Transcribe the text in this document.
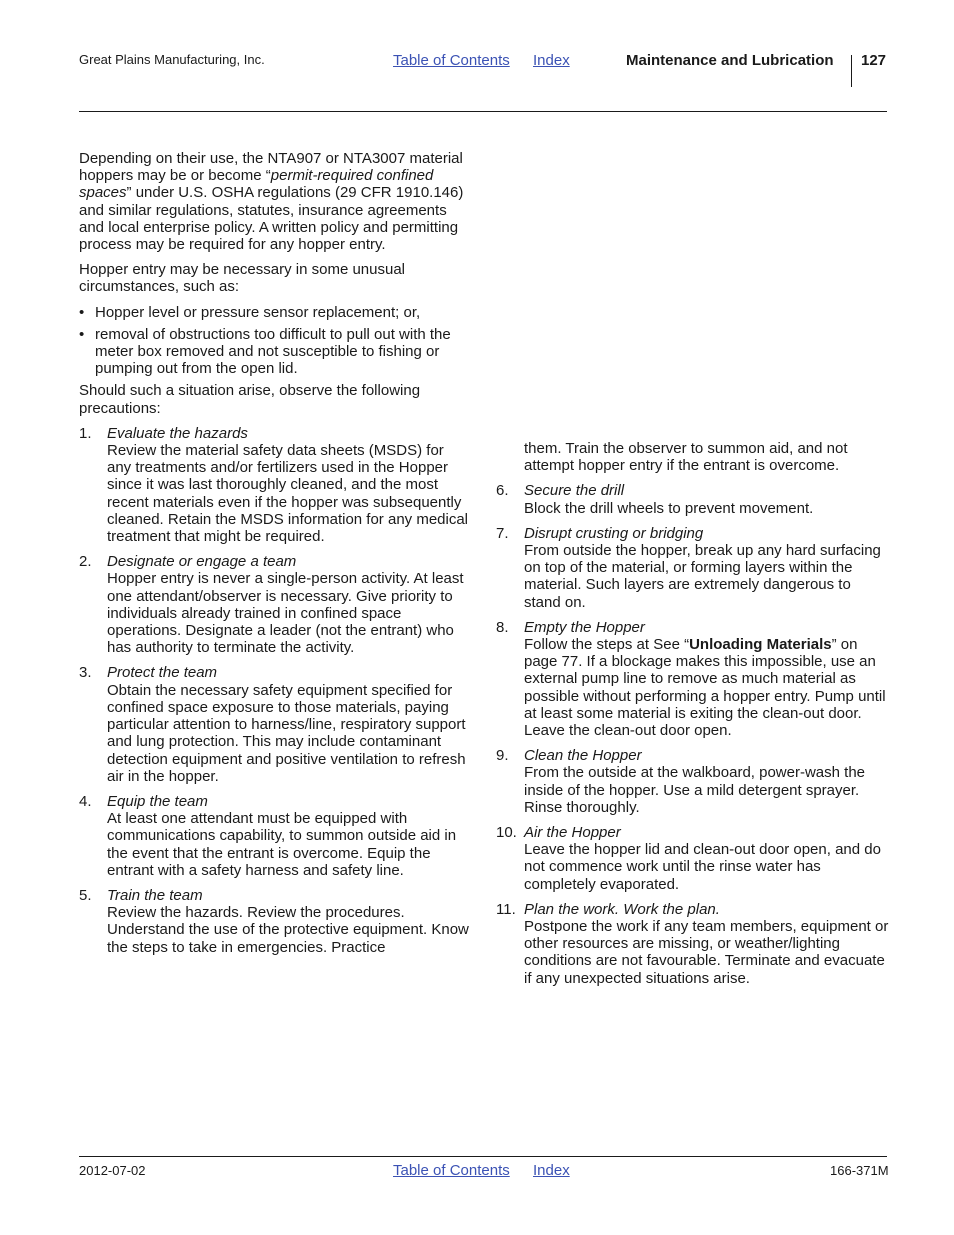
Great Plains Manufacturing, Inc.	Table of Contents Index	Maintenance and Lubrication 127

Depending on their use, the NTA907 or NTA3007 material hoppers may be or become “permit-required confined spaces” under U.S. OSHA regulations (29 CFR 1910.146) and similar regulations, statutes, insurance agreements and local enterprise policy. A written policy and permitting process may be required for any hopper entry.

Hopper entry may be necessary in some unusual circumstances, such as:

• Hopper level or pressure sensor replacement; or,
• removal of obstructions too difficult to pull out with the meter box removed and not susceptible to fishing or pumping out from the open lid.

Should such a situation arise, observe the following precautions:

1. Evaluate the hazards
Review the material safety data sheets (MSDS) for any treatments and/or fertilizers used in the Hopper since it was last thoroughly cleaned, and the most recent materials even if the hopper was subsequently cleaned. Retain the MSDS information for any medical treatment that might be required.
2. Designate or engage a team
Hopper entry is never a single-person activity. At least one attendant/observer is necessary. Give priority to individuals already trained in confined space operations. Designate a leader (not the entrant) who has authority to terminate the activity.
3. Protect the team
Obtain the necessary safety equipment specified for confined space exposure to those materials, paying particular attention to harness/line, respiratory support and lung protection. This may include contaminant detection equipment and positive ventilation to refresh air in the hopper.
4. Equip the team
At least one attendant must be equipped with communications capability, to summon outside aid in the event that the entrant is overcome. Equip the entrant with a safety harness and safety line.
5. Train the team
Review the hazards. Review the procedures. Understand the use of the protective equipment. Know the steps to take in emergencies. Practice
them. Train the observer to summon aid, and not attempt hopper entry if the entrant is overcome.
6. Secure the drill
Block the drill wheels to prevent movement.
7. Disrupt crusting or bridging
From outside the hopper, break up any hard surfacing on top of the material, or forming layers within the material. Such layers are extremely dangerous to stand on.
8. Empty the Hopper
Follow the steps at See “Unloading Materials” on page 77. If a blockage makes this impossible, use an external pump line to remove as much material as possible without performing a hopper entry. Pump until at least some material is exiting the clean-out door. Leave the clean-out door open.
9. Clean the Hopper
From the outside at the walkboard, power-wash the inside of the hopper. Use a mild detergent sprayer. Rinse thoroughly.
10. Air the Hopper
Leave the hopper lid and clean-out door open, and do not commence work until the rinse water has completely evaporated.
11. Plan the work. Work the plan.
Postpone the work if any team members, equipment or other resources are missing, or weather/lighting conditions are not favourable. Terminate and evacuate if any unexpected situations arise.
2012-07-02	Table of Contents Index	166-371M
